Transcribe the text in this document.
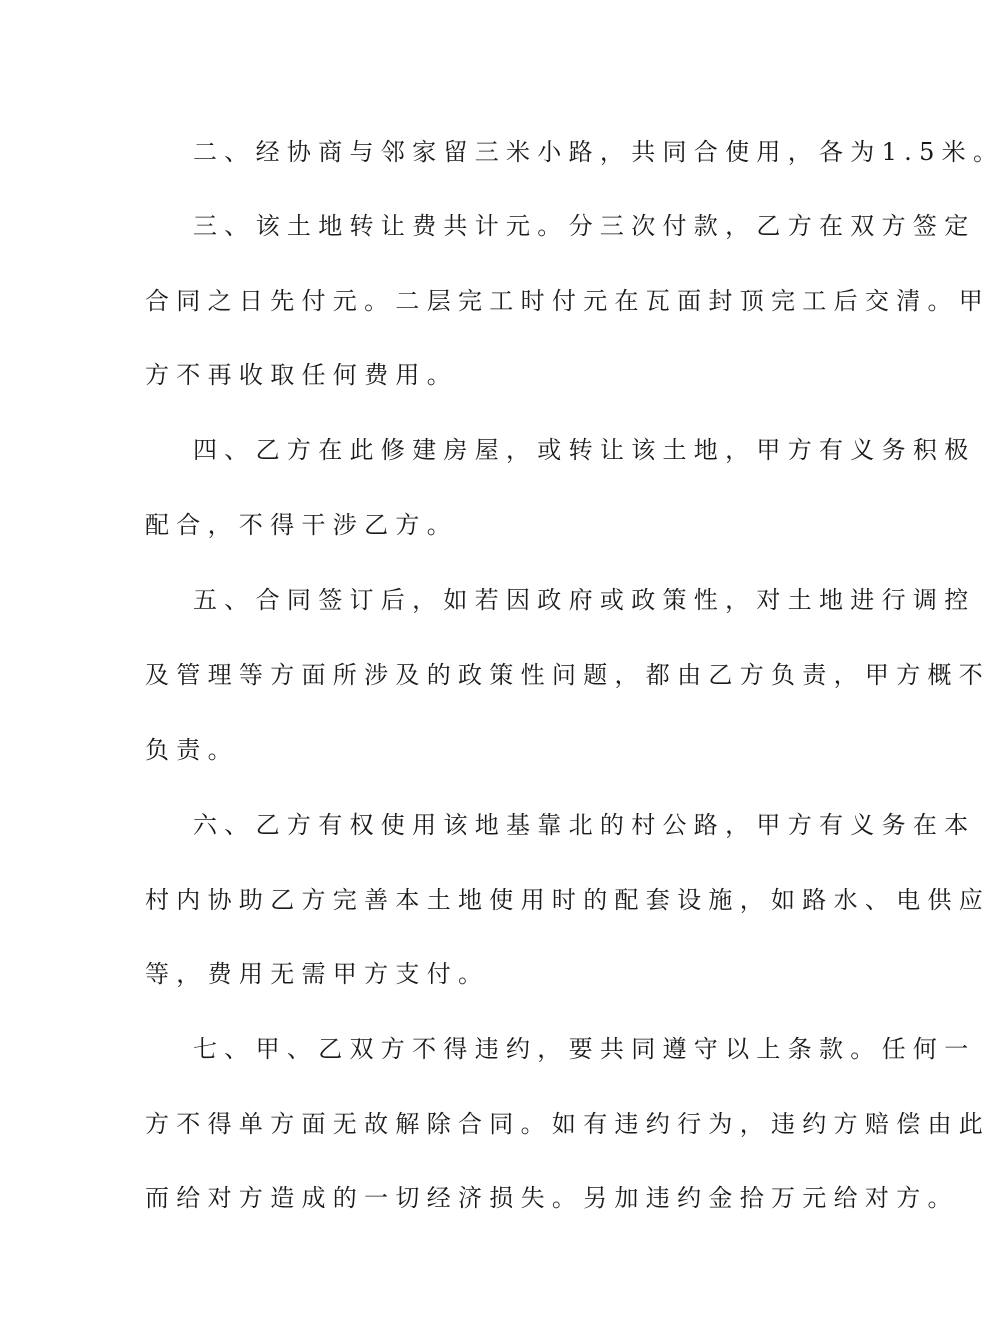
二、经协商与邻家留三米小路，共同合使用，各为1.5米。
三、该土地转让费共计元。分三次付款，乙方在双方签定
合同之日先付元。二层完工时付元在瓦面封顶完工后交清。甲
方不再收取任何费用。
四、乙方在此修建房屋，或转让该土地，甲方有义务积极
配合，不得干涉乙方。
五、合同签订后，如若因政府或政策性，对土地进行调控
及管理等方面所涉及的政策性问题，都由乙方负责，甲方概不
负责。
六、乙方有权使用该地基靠北的村公路，甲方有义务在本
村内协助乙方完善本土地使用时的配套设施，如路水、电供应
等，费用无需甲方支付。
七、甲、乙双方不得违约，要共同遵守以上条款。任何一
方不得单方面无故解除合同。如有违约行为，违约方赔偿由此
而给对方造成的一切经济损失。另加违约金拾万元给对方。
